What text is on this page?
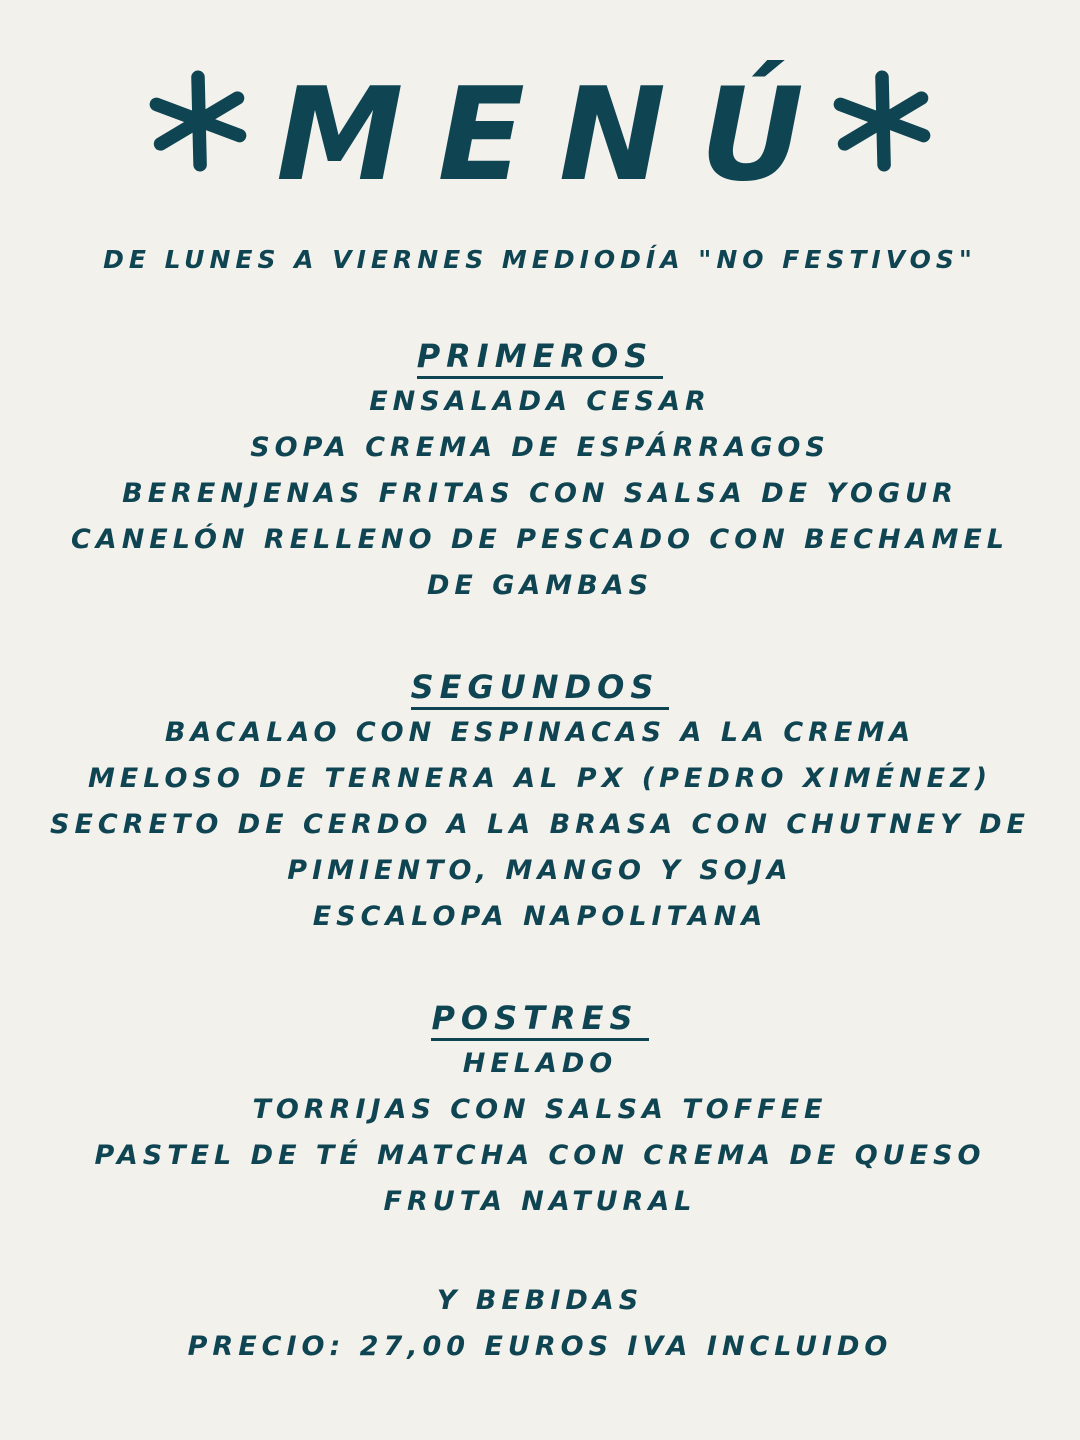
MENÚ
DE LUNES A VIERNES MEDIODÍA "NO FESTIVOS"
PRIMEROS
ENSALADA CESAR
SOPA CREMA DE ESPÁRRAGOS
BERENJENAS FRITAS CON SALSA DE YOGUR
CANELÓN RELLENO DE PESCADO CON BECHAMEL DE GAMBAS
SEGUNDOS
BACALAO CON ESPINACAS A LA CREMA
MELOSO DE TERNERA AL PX (PEDRO XIMÉNEZ)
SECRETO DE CERDO A LA BRASA CON CHUTNEY DE PIMIENTO, MANGO Y SOJA
ESCALOPA NAPOLITANA
POSTRES
HELADO
TORRIJAS CON SALSA TOFFEE
PASTEL DE TÉ MATCHA CON CREMA DE QUESO
FRUTA NATURAL
Y BEBIDAS
PRECIO: 27,00 EUROS IVA INCLUIDO
